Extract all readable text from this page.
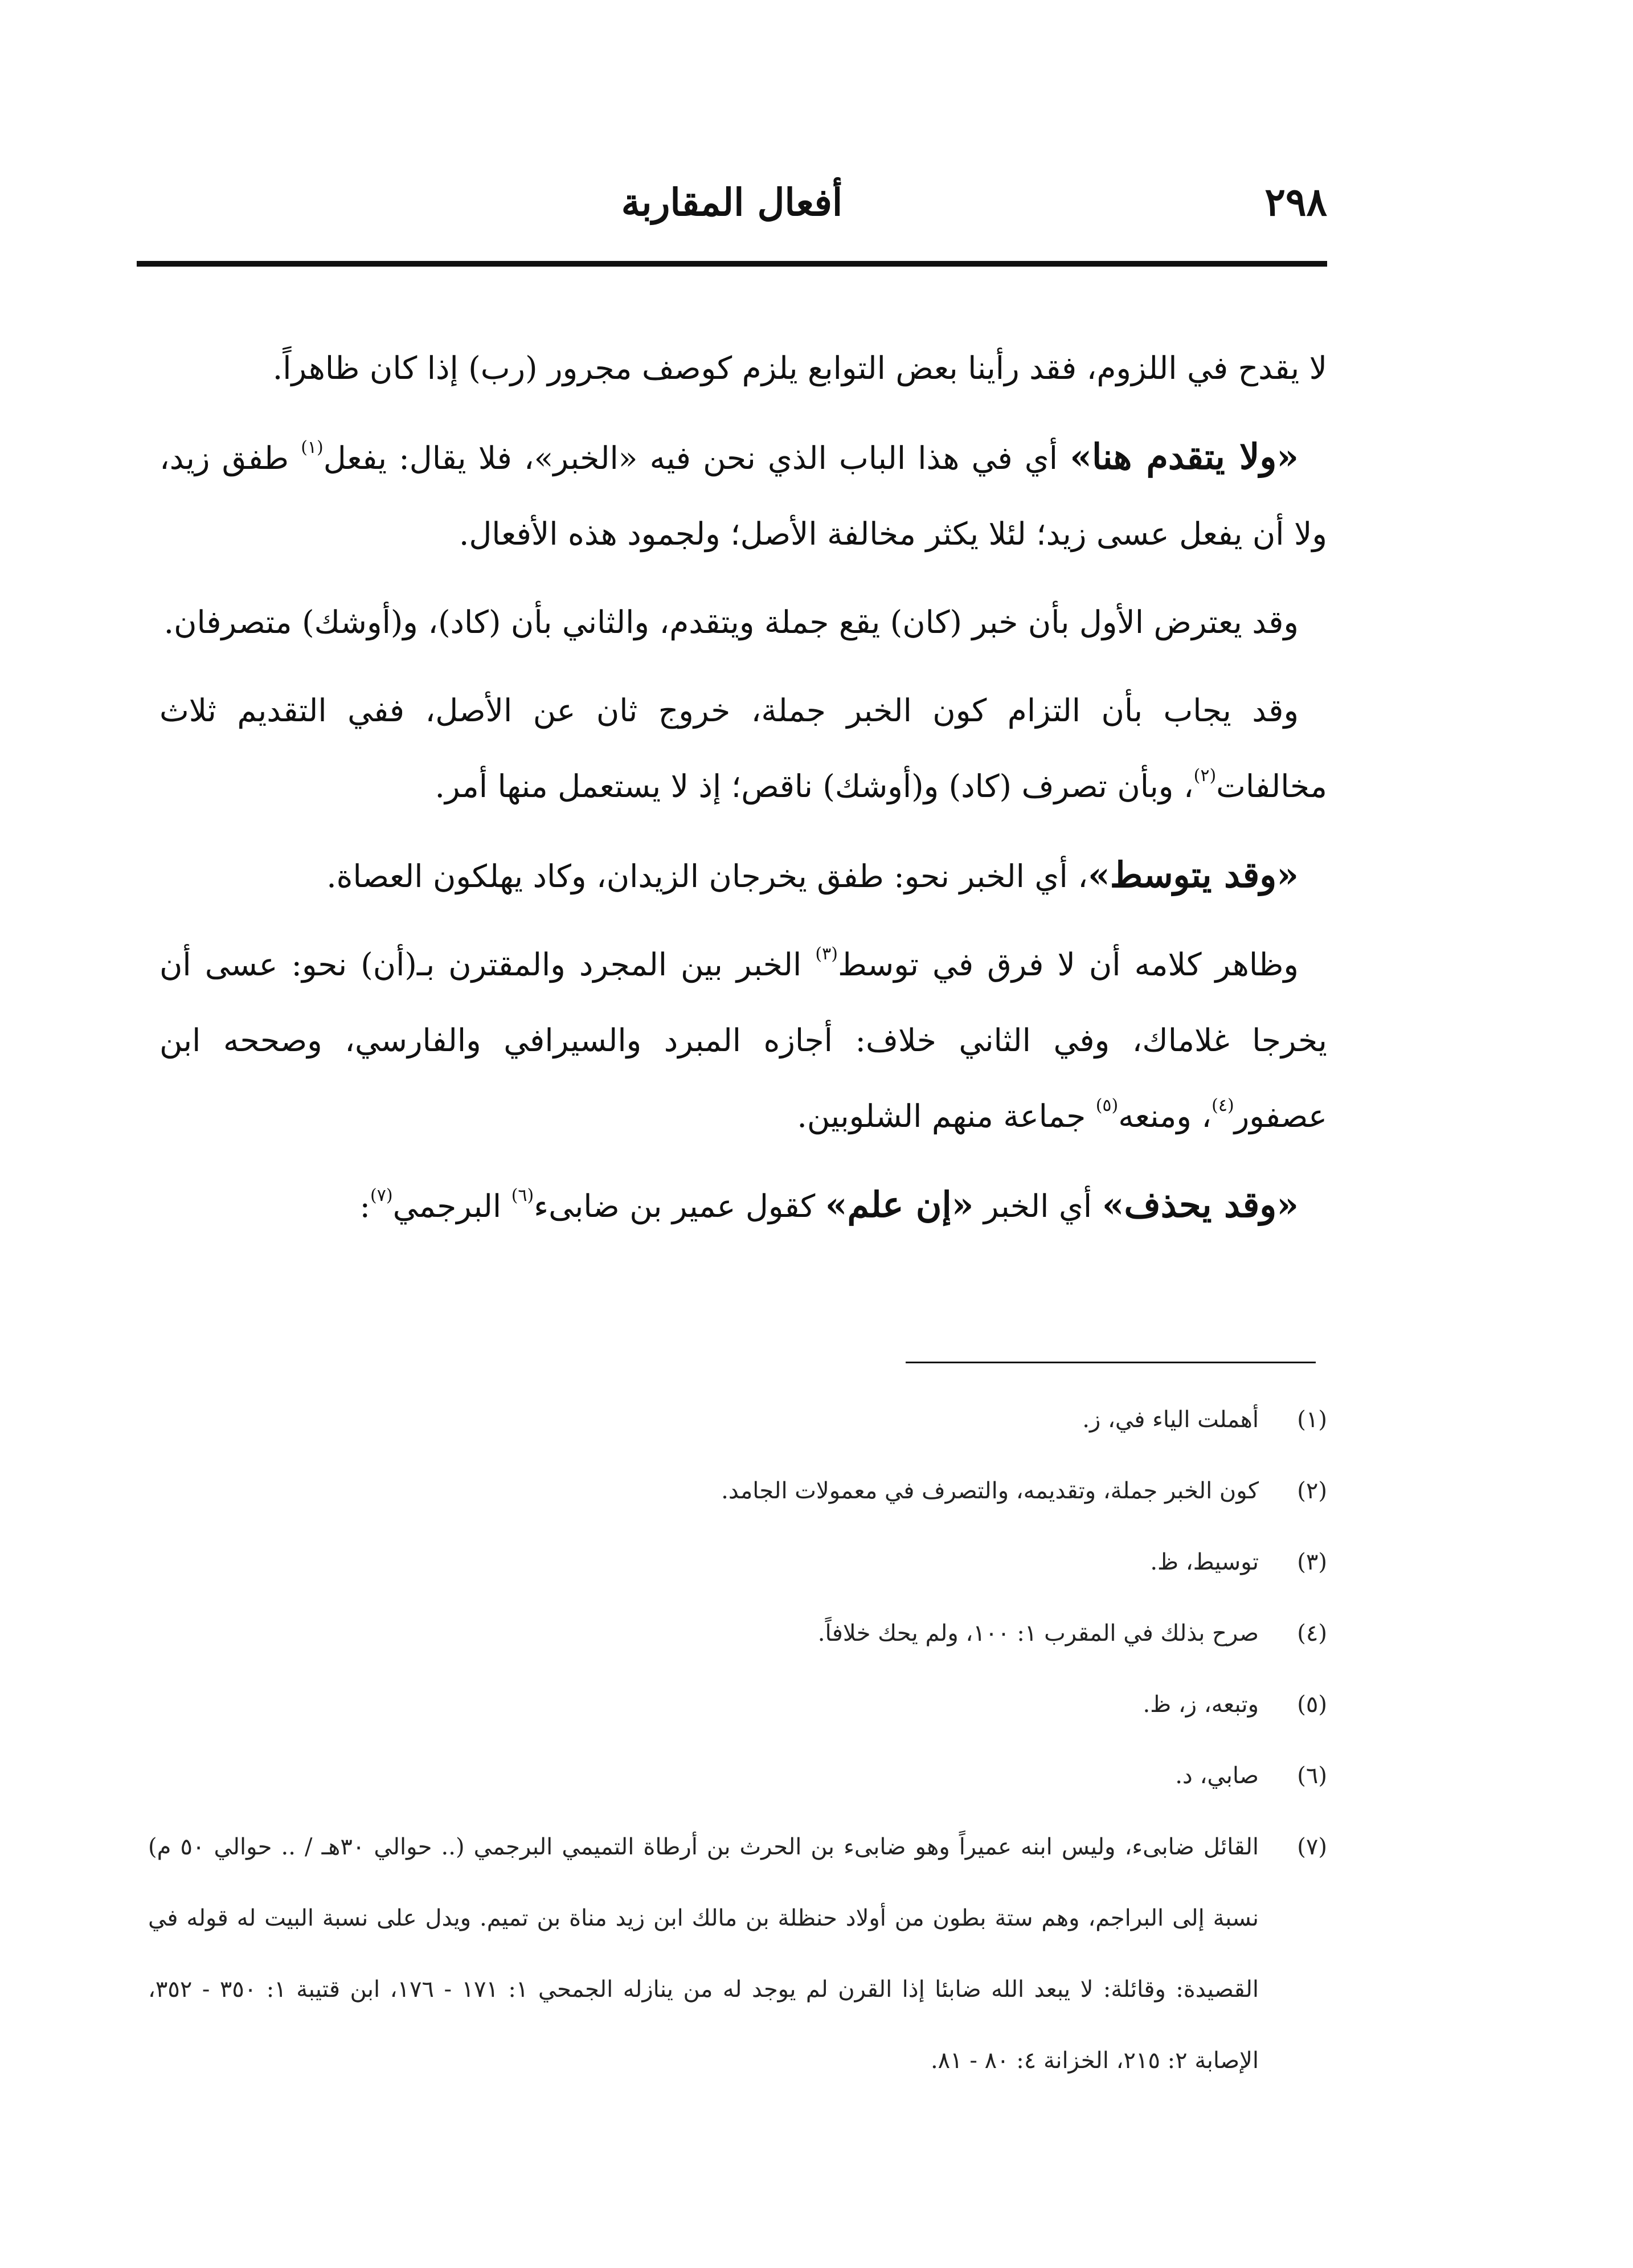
٢٩٨
أفعال المقاربة

لا يقدح في اللزوم، فقد رأينا بعض التوابع يلزم كوصف مجرور (رب) إذا كان ظاهراً.

«ولا يتقدم هنا» أي في هذا الباب الذي نحن فيه «الخبر»، فلا يقال: يفعل$^{(١)}$ طفق زيد، ولا أن يفعل عسى زيد؛ لئلا يكثر مخالفة الأصل؛ ولجمود هذه الأفعال.

وقد يعترض الأول بأن خبر (كان) يقع جملة ويتقدم، والثاني بأن (كاد)، و(أوشك) متصرفان.

وقد يجاب بأن التزام كون الخبر جملة، خروج ثان عن الأصل، ففي التقديم ثلاث مخالفات$^{(٢)}$، وبأن تصرف (كاد) و(أوشك) ناقص؛ إذ لا يستعمل منها أمر.

«وقد يتوسط»، أي الخبر نحو: طفق يخرجان الزيدان، وكاد يهلكون العصاة.

وظاهر كلامه أن لا فرق في توسط$^{(٣)}$ الخبر بين المجرد والمقترن بـ(أن) نحو: عسى أن يخرجا غلاماك، وفي الثاني خلاف: أجازه المبرد والسيرافي والفارسي، وصححه ابن عصفور$^{(٤)}$، ومنعه$^{(٥)}$ جماعة منهم الشلوبين.

«وقد يحذف» أي الخبر «إن علم» كقول عمير بن ضابىء$^{(٦)}$ البرجمي$^{(٧)}$:

(١)
أهملت الياء في، ز.
(٢)
كون الخبر جملة، وتقديمه، والتصرف في معمولات الجامد.
(٣)
توسيط، ظ.
(٤)
صرح بذلك في المقرب ١: ١٠٠، ولم يحك خلافاً.
(٥)
وتبعه، ز، ظ.
(٦)
صابي، د.
(٧)
القائل ضابىء، وليس ابنه عميراً وهو ضابىء بن الحرث بن أرطاة التميمي البرجمي (.. حوالي ٣٠هـ / .. حوالي ٥٠ م) نسبة إلى البراجم، وهم ستة بطون من أولاد حنظلة بن مالك ابن زيد مناة بن تميم. ويدل على نسبة البيت له قوله في القصيدة: وقائلة: لا يبعد الله ضابئا إذا القرن لم يوجد له من ينازله الجمحي ١: ١٧١ - ١٧٦، ابن قتيبة ١: ٣٥٠ - ٣٥٢، الإصابة ٢: ٢١٥، الخزانة ٤: ٨٠ - ٨١.
